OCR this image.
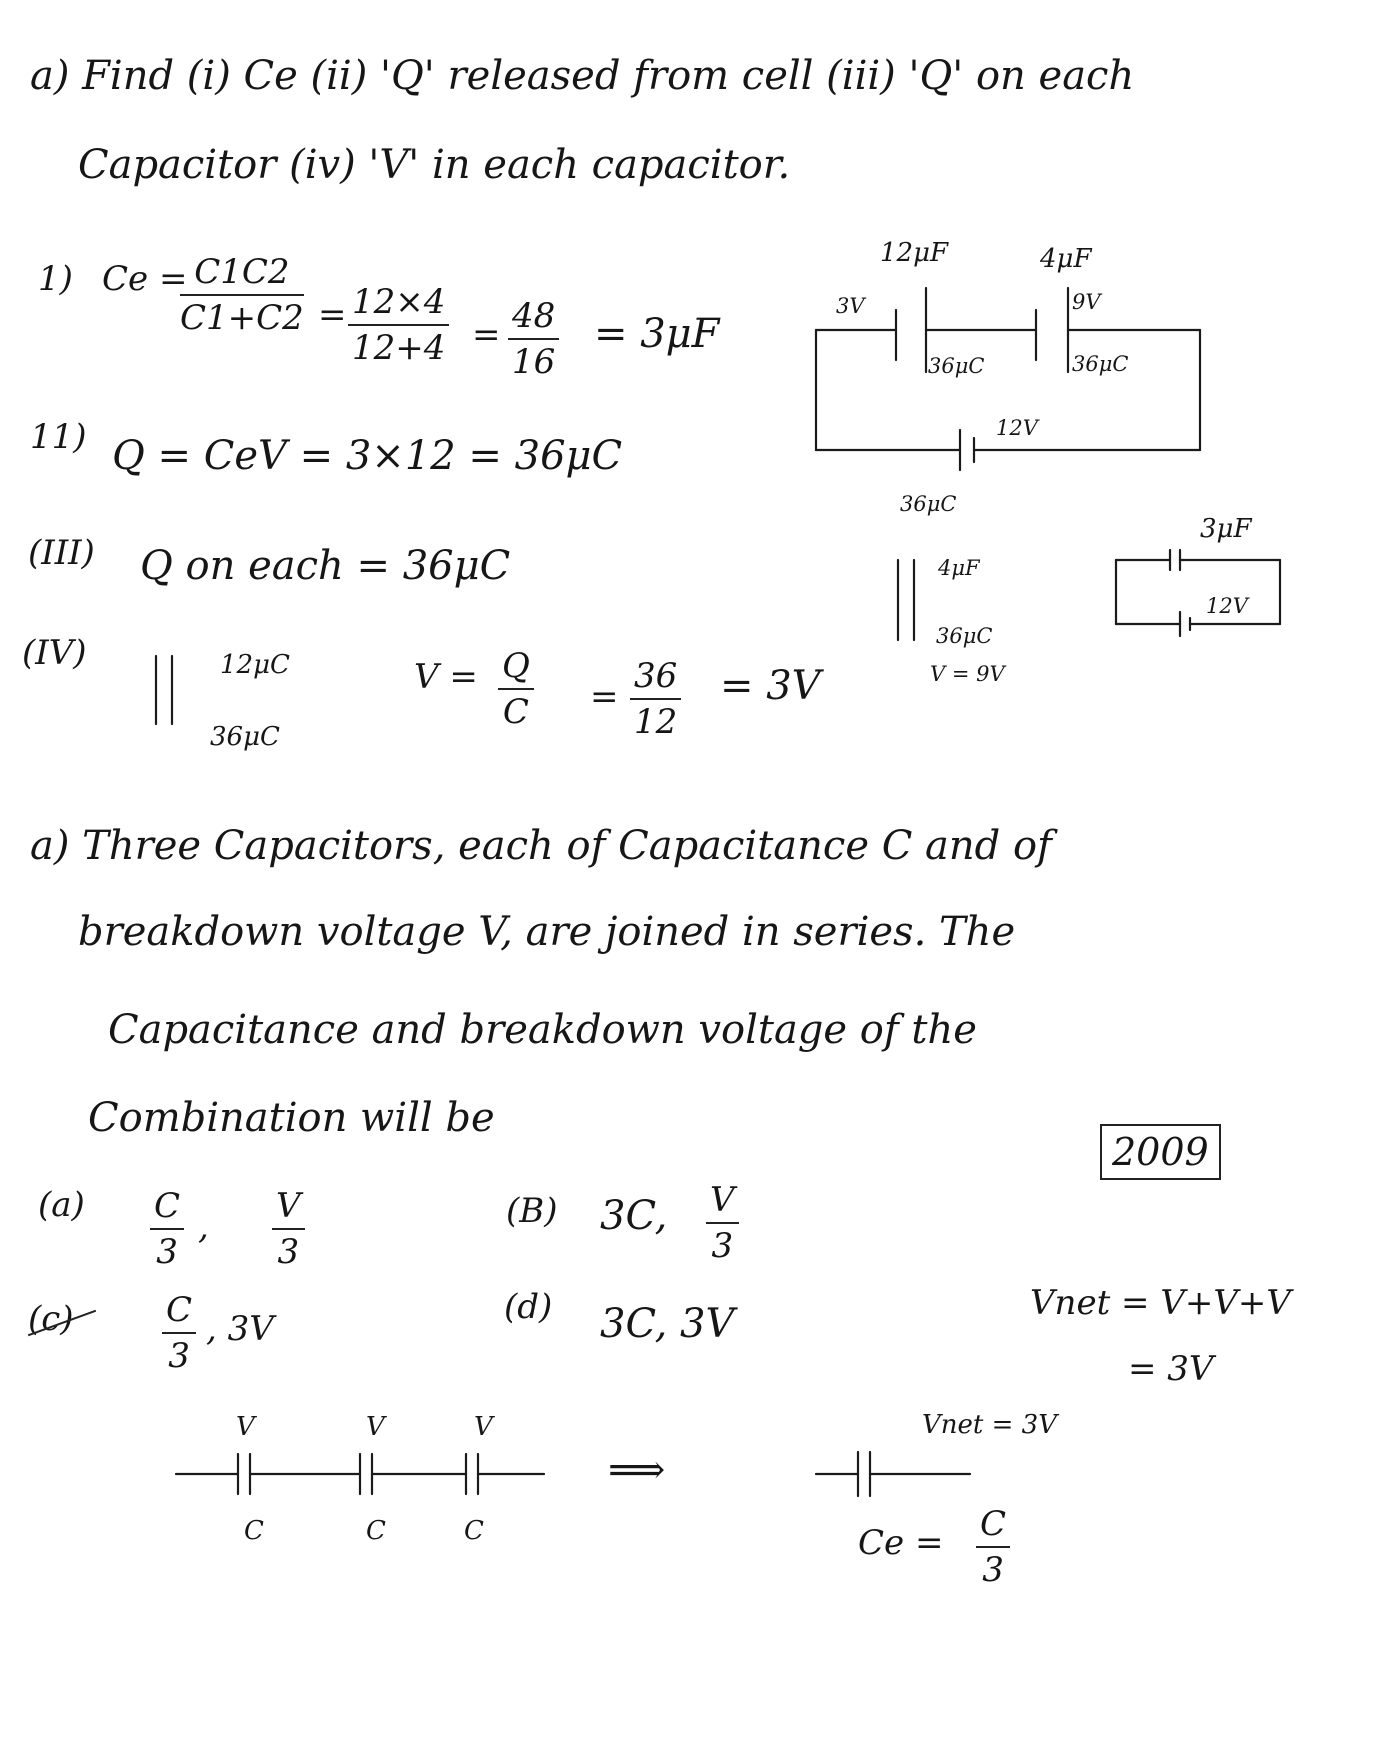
a) Find (i) Ce (ii) 'Q' released from cell (iii) 'Q' on each
Capacitor (iv) 'V' in each capacitor.
1) Ce =
$\frac{C1C2}{C1+C2} = \frac{12\times 4}{12+4} = \frac{48}{16} = 3\mu F$
11) Q = CeV = 3×12 = 36μC
(III) Q on each = 36μC
(IV)	12μC
36μC
$V = \frac{Q}{C} = \frac{36}{12} = 3V$
12μF	4μF
3V	9V
36μC	36μC
12V
36μC
4μF
36μC
V = 9V
3μF
12V
a) Three Capacitors, each of Capacitance C and of
breakdown voltage V, are joined in series. The
Capacitance and breakdown voltage of the
Combination will be
2009
$(a) \frac{C}{3}$ , $\frac{V}{3}$	(B) 3C, $\frac{V}{3}$
(c)	$\frac{C}{3}$ , 3V
(d) 3C, 3V	Vnet = V+V+V
= 3V
V	V	V
C	C	C
⟹
Vnet = 3V
$Ce = \frac{C}{3}$
